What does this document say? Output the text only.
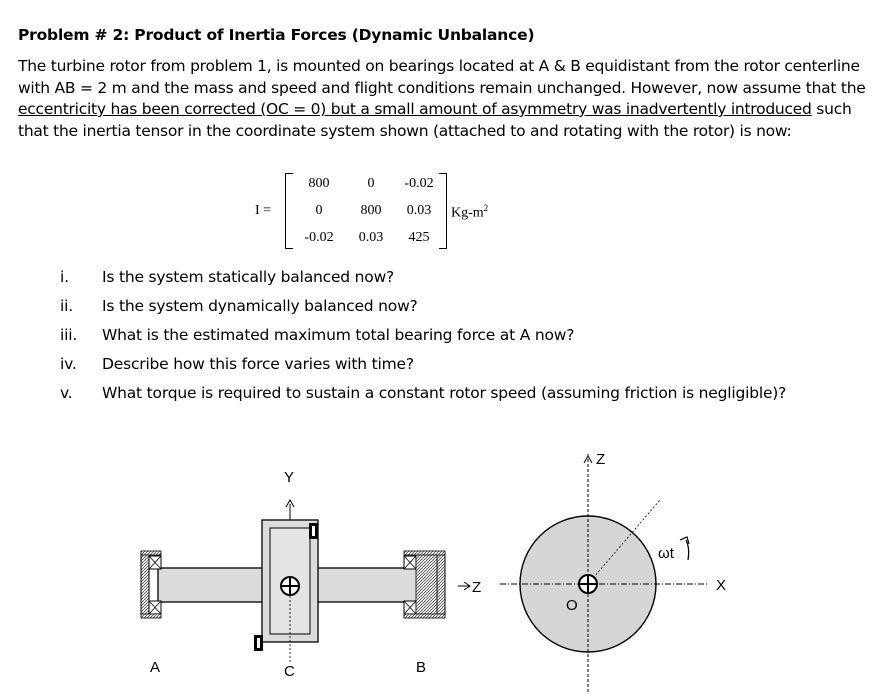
Problem # 2: Product of Inertia Forces (Dynamic Unbalance)
The turbine rotor from problem 1, is mounted on bearings located at A & B equidistant from the rotor centerline with AB = 2 m and the mass and speed and flight conditions remain unchanged. However, now assume that the eccentricity has been corrected (OC = 0) but a small amount of asymmetry was inadvertently introduced such that the inertia tensor in the coordinate system shown (attached to and rotating with the rotor) is now:
I =
800	0	-0.02
0	800	0.03
-0.02	0.03	425
$Kg-m^2$
i. Is the system statically balanced now?
ii. Is the system dynamically balanced now?
iii. What is the estimated maximum total bearing force at A now?
iv. Describe how this force varies with time?
v. What torque is required to sustain a constant rotor speed (assuming friction is negligible)?
Y
Z
A	C	B
Z
X
O
ωt
